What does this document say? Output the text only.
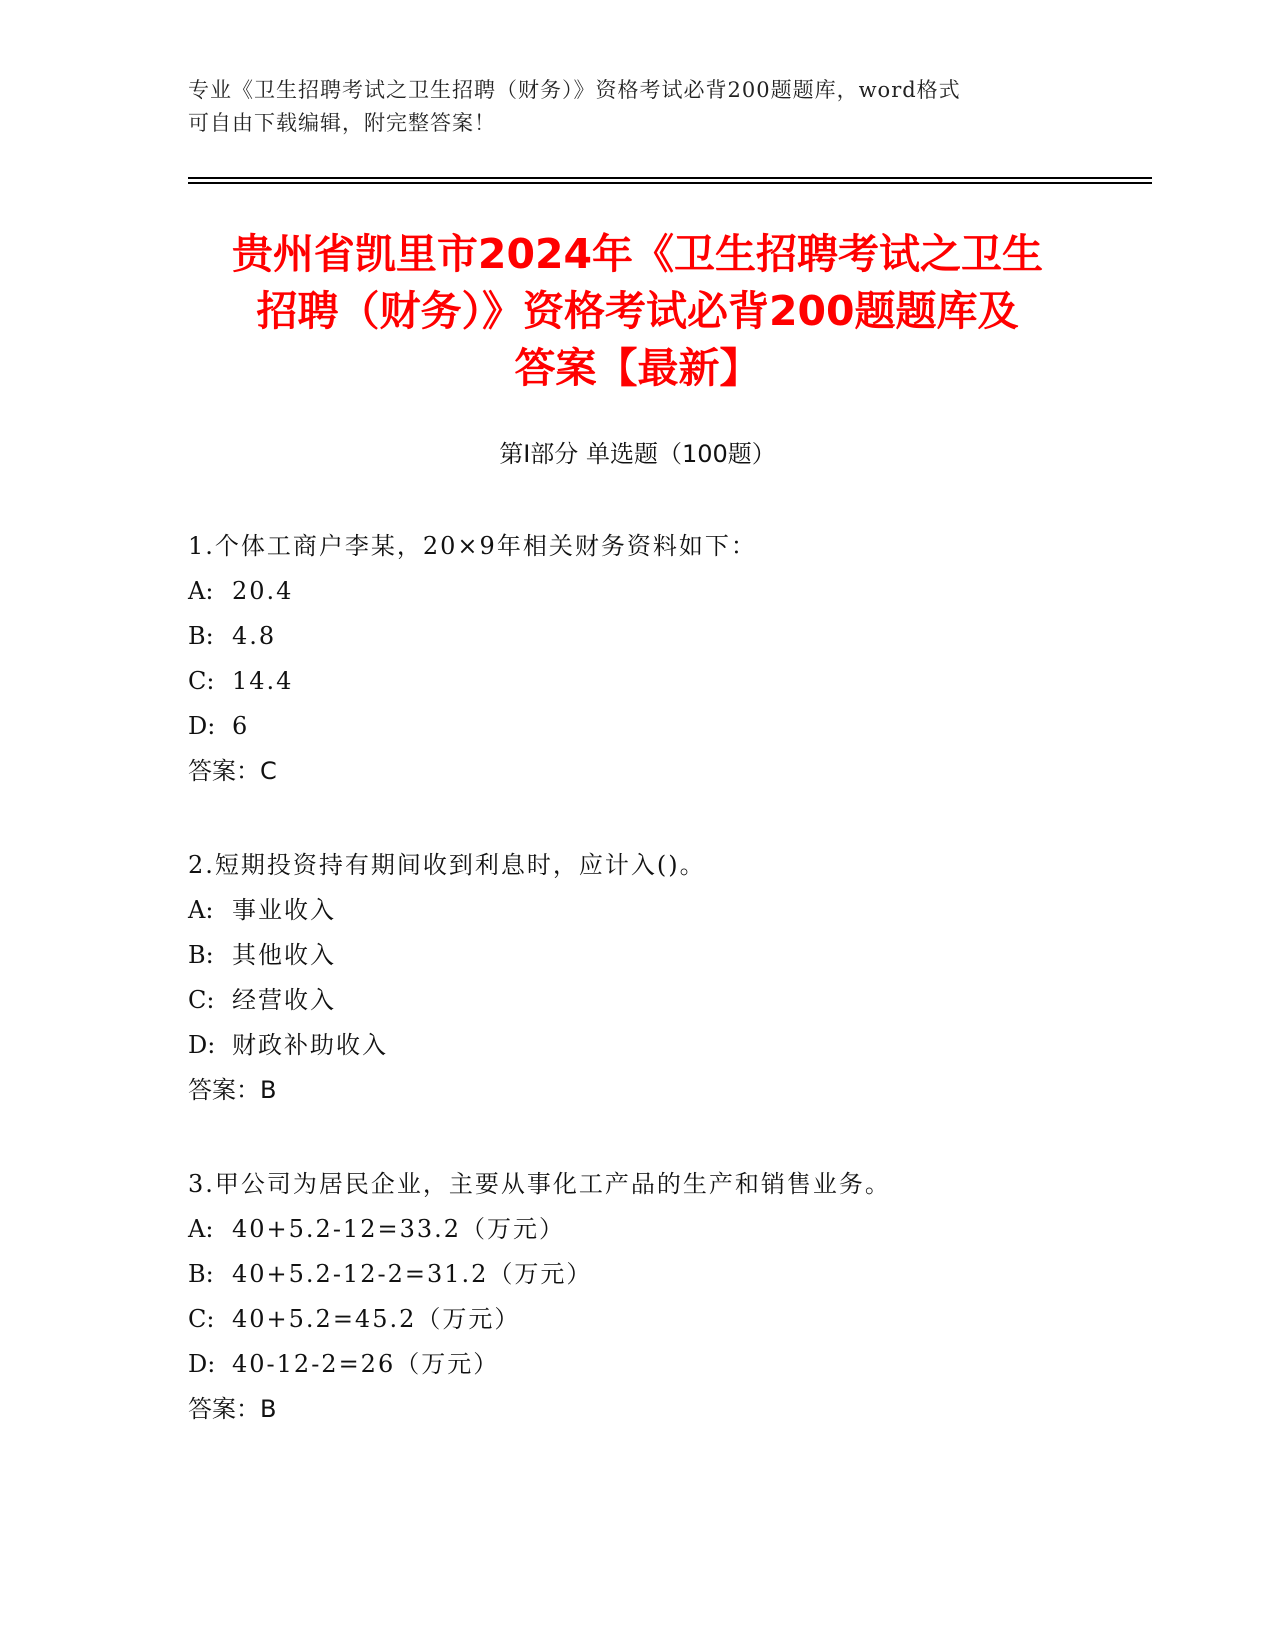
专业《卫生招聘考试之卫生招聘（财务）》资格考试必背200题题库，word格式
可自由下载编辑，附完整答案！
贵州省凯里市2024年《卫生招聘考试之卫生
招聘（财务）》资格考试必背200题题库及
答案【最新】
第Ⅰ部分 单选题（100题）
1.个体工商户李某，20×9年相关财务资料如下：
A: 20.4
B: 4.8
C: 14.4
D: 6
答案：C
2.短期投资持有期间收到利息时，应计入()。
A: 事业收入
B: 其他收入
C: 经营收入
D: 财政补助收入
答案：B
3.甲公司为居民企业，主要从事化工产品的生产和销售业务。
A: 40+5.2-12=33.2（万元）
B: 40+5.2-12-2=31.2（万元）
C: 40+5.2=45.2（万元）
D: 40-12-2=26（万元）
答案：B
